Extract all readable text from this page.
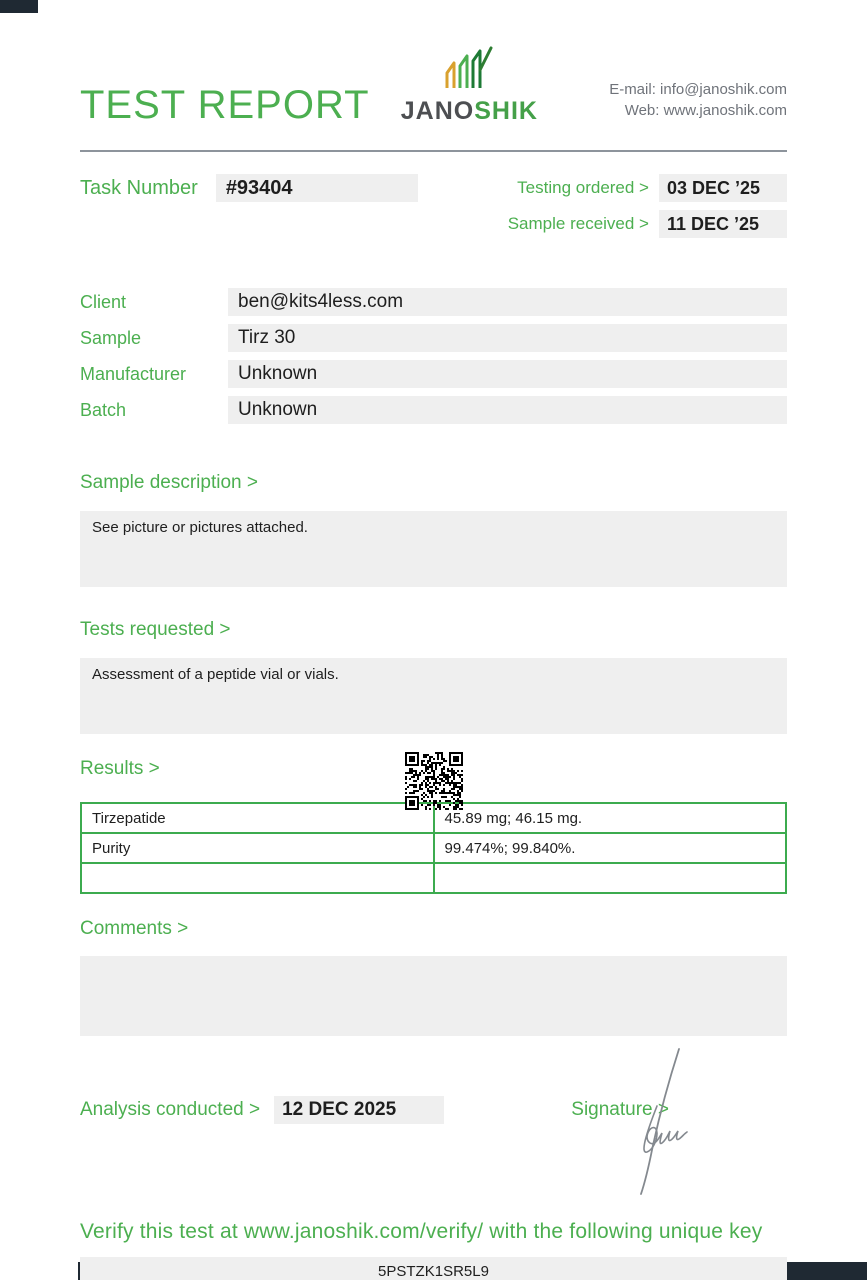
TEST REPORT JANOSHIK
E-mail: info@janoshik.com
Web: www.janoshik.com
Task Number	#93404	Testing ordered >	03 DEC ’25
Sample received >	11 DEC ’25
Client	ben@kits4less.com
Sample	Tirz 30
Manufacturer	Unknown
Batch	Unknown
Sample description >
See picture or pictures attached.
Tests requested >
Assessment of a peptide vial or vials.
Results >
Tirzepatide	45.89 mg; 46.15 mg.
Purity	99.474%; 99.840%.

Comments >
Analysis conducted >	12 DEC 2025	Signature >
Verify this test at www.janoshik.com/verify/ with the following unique key
5PSTZK1SR5L9
